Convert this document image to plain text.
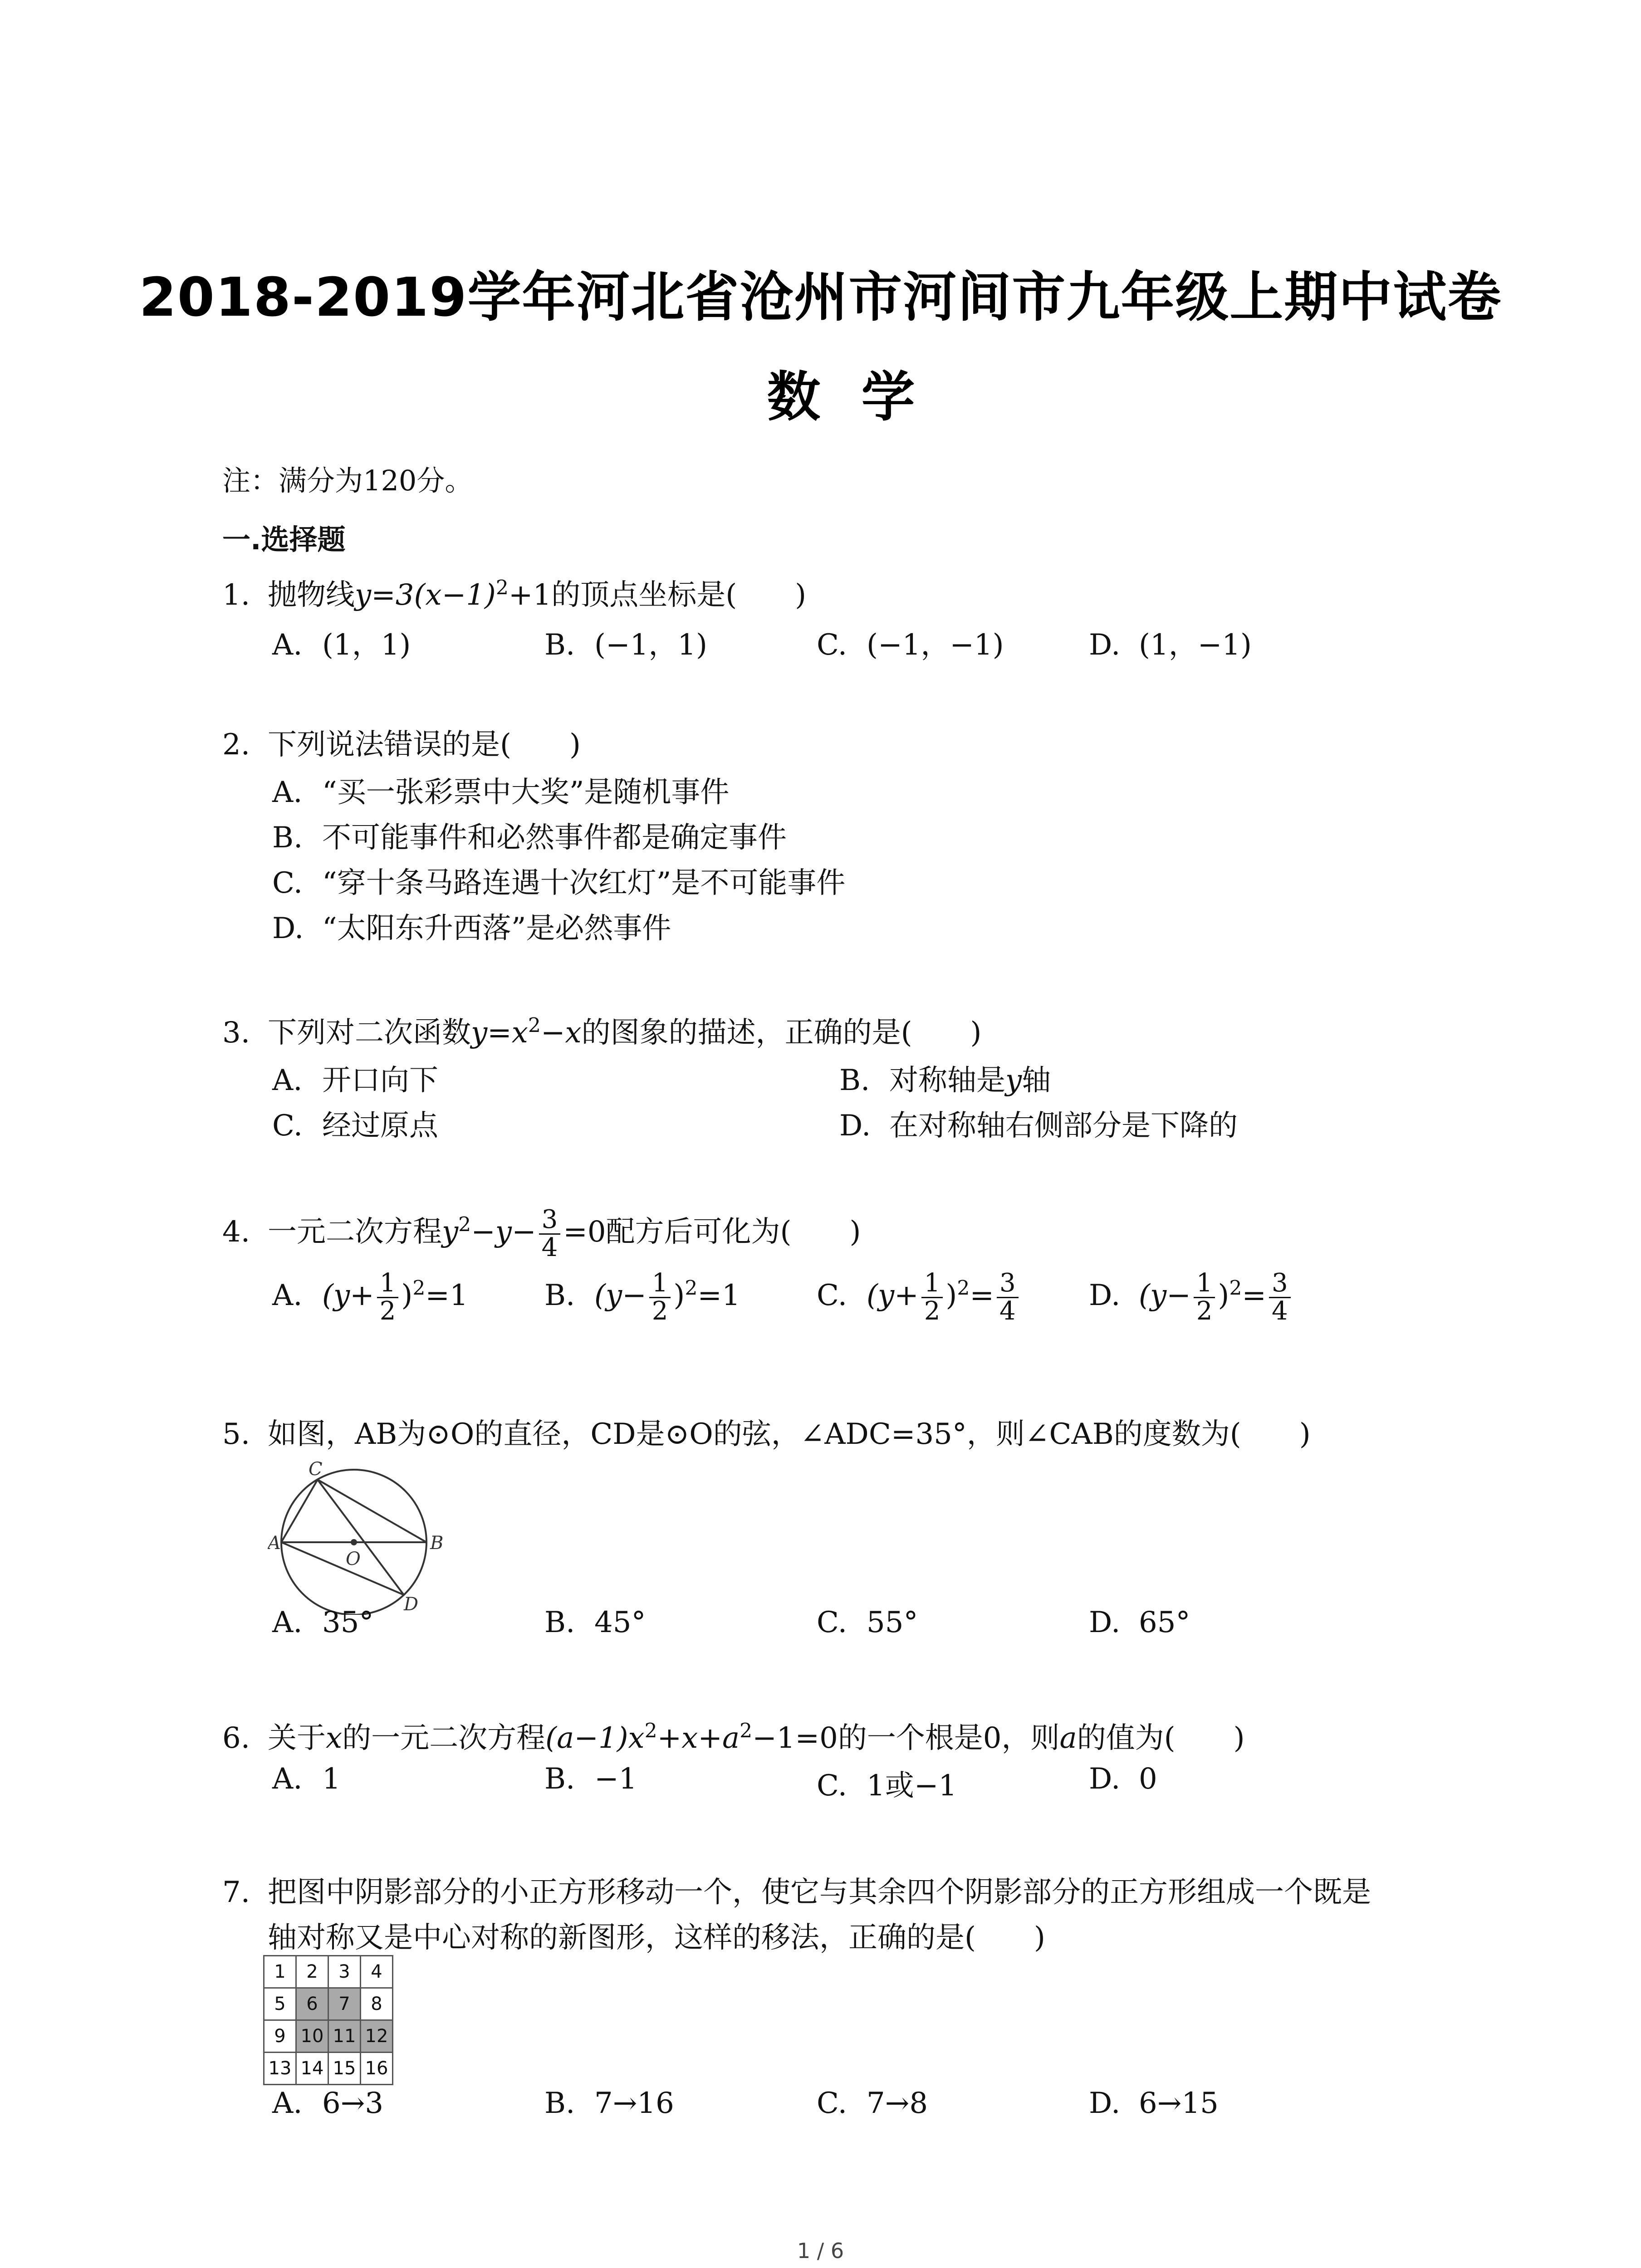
2018-2019学年河北省沧州市河间市九年级上期中试卷
数学
注：满分为120分。
一.选择题
1. 抛物线$y=3(x-1)^2+1$的顶点坐标是(　　)
A. (1，1)	B. (−1，1)	C. (−1，−1)	D. (1，−1)
2. 下列说法错误的是(　　)
A. “买一张彩票中大奖”是随机事件
B. 不可能事件和必然事件都是确定事件
C. “穿十条马路连遇十次红灯”是不可能事件
D. “太阳东升西落”是必然事件
3. 下列对二次函数$y=x^2-x$的图象的描述，正确的是(　　)
A. 开口向下	B. 对称轴是y轴
C. 经过原点	D. 在对称轴右侧部分是下降的
4. 一元二次方程$y^2-y- \frac{3}{4} =0$配方后可化为(　　)
A. $(y+ \frac{1}{2} )^2=1$	B. $(y- \frac{1}{2} )^2=1$	C. $(y+ \frac{1}{2} )^2= \frac{3}{4} D$. $(y- \frac{1}{2} )^2= \frac{3}{4}$
5. 如图，AB为⊙O的直径，CD是⊙O的弦，∠ADC=35°，则∠CAB的度数为(　　)
C
A	B
D
O
A. 35°	B. 45°	C. 55°	D. 65°
6. 关于x的一元二次方程$(a-1)x^2+x+a^2-1=0$的一个根是0，则a的值为(　　)
A. 1	B. −1	C. 1或−1	D. 0
7. 把图中阴影部分的小正方形移动一个，使它与其余四个阴影部分的正方形组成一个既是
轴对称又是中心对称的新图形，这样的移法，正确的是(　　)
1	2	3	4
5	6	7	8
9	10	11	12
13	14	15	16
A. 6→3	B. 7→16	C. 7→8	D. 6→15
1 / 6
